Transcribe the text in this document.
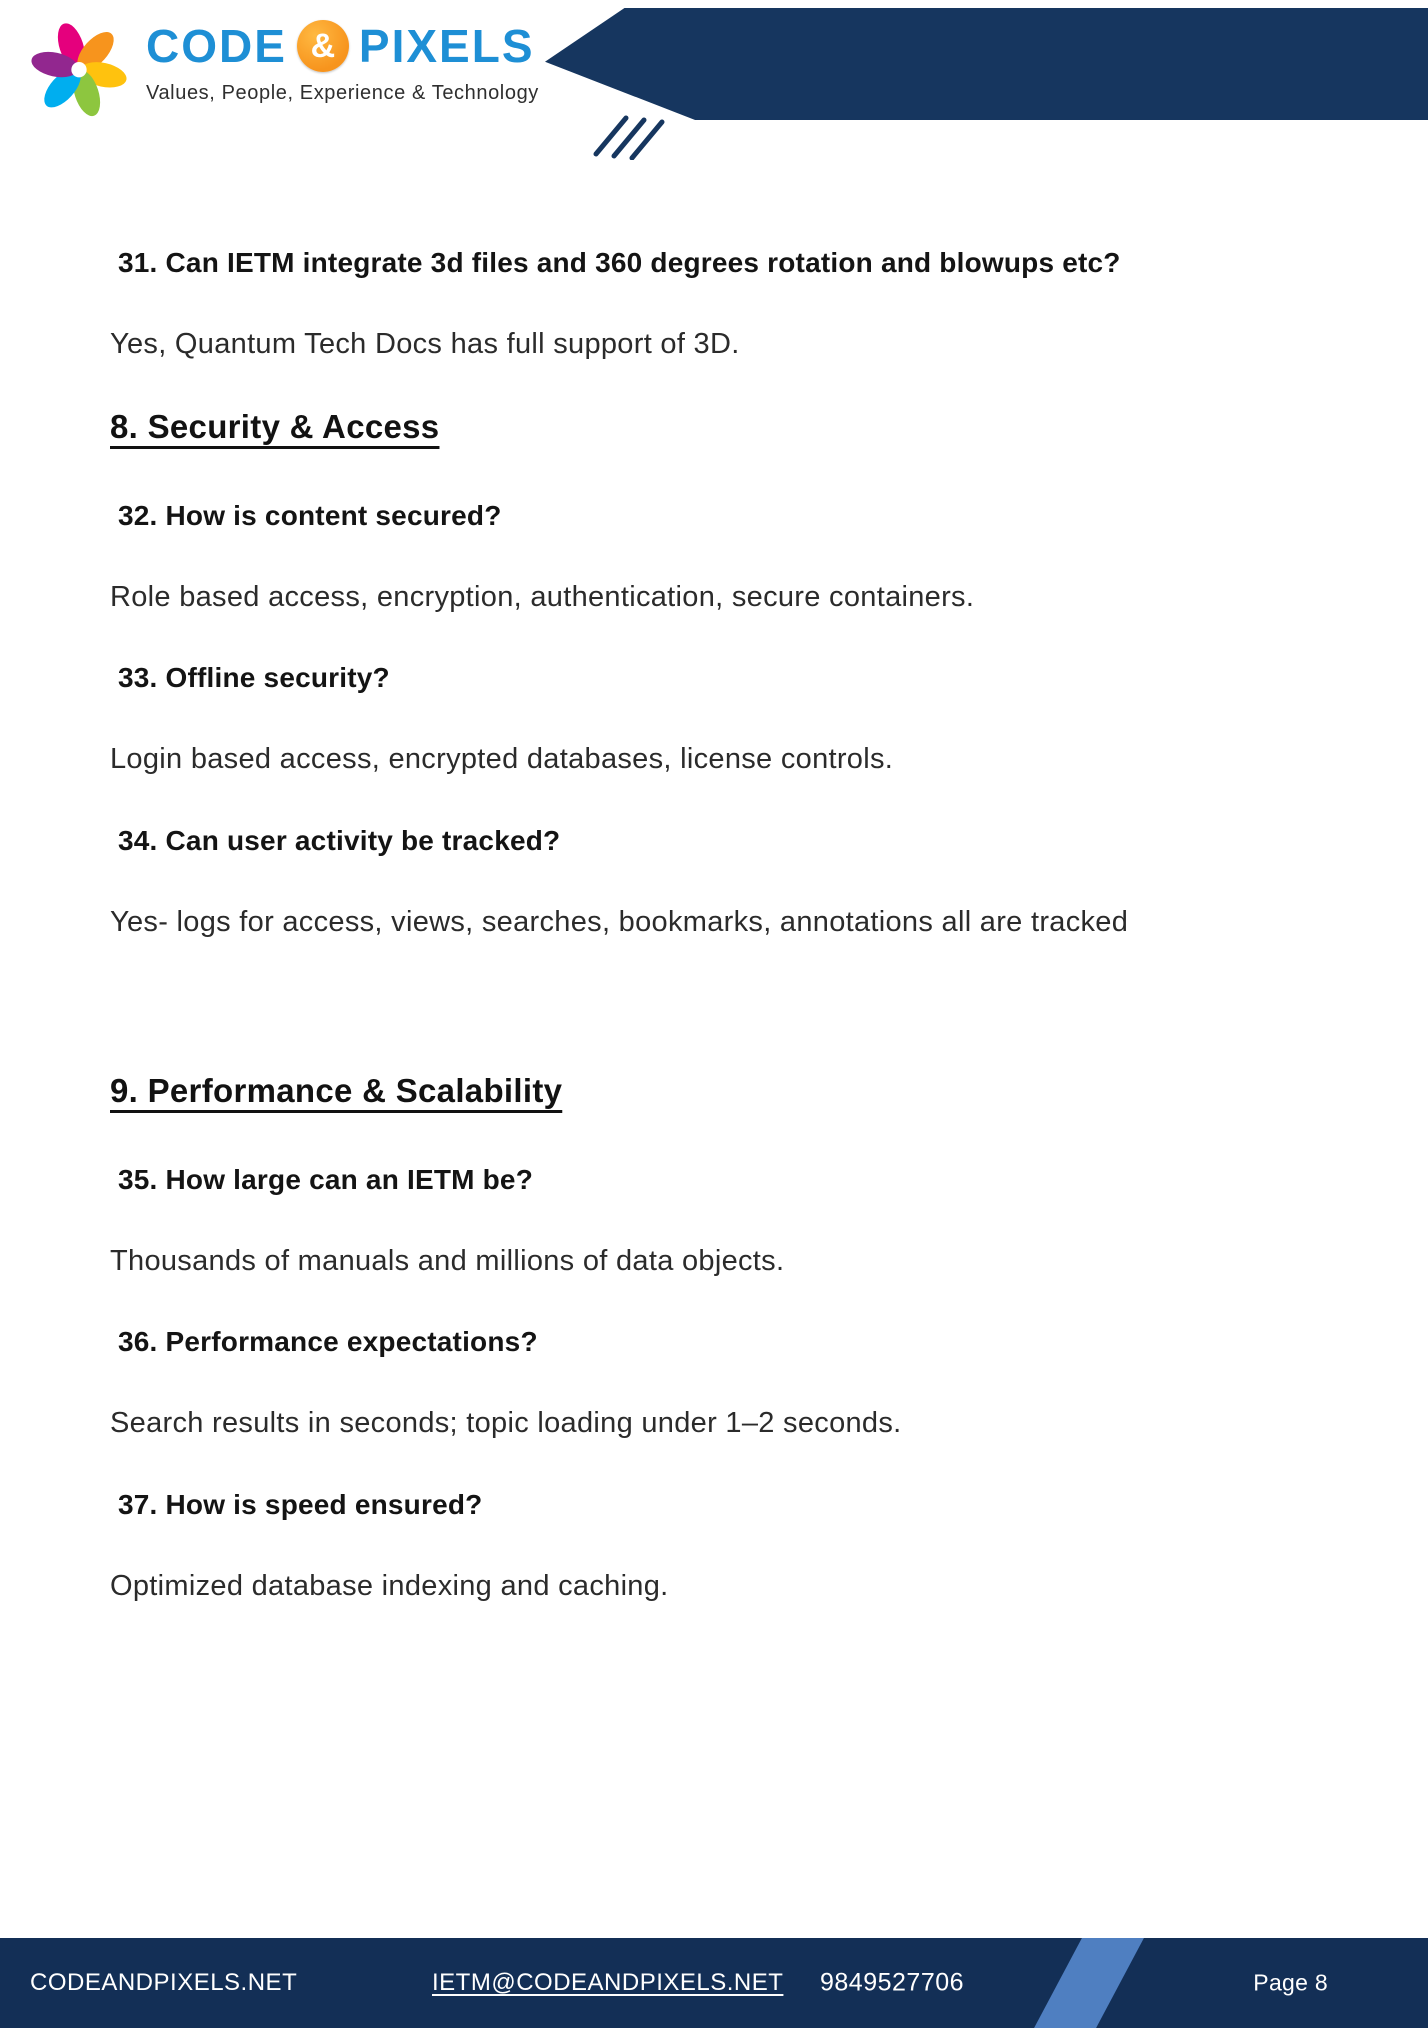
CODE & PIXELS
Values, People, Experience & Technology
31. Can IETM integrate 3d files and 360 degrees rotation and blowups etc?
Yes, Quantum Tech Docs has full support of 3D.
8. Security & Access
32. How is content secured?
Role based access, encryption, authentication, secure containers.
33. Offline security?
Login based access, encrypted databases, license controls.
34. Can user activity be tracked?
Yes- logs for access, views, searches, bookmarks, annotations all are tracked
9. Performance & Scalability
35. How large can an IETM be?
Thousands of manuals and millions of data objects.
36. Performance expectations?
Search results in seconds; topic loading under 1–2 seconds.
37. How is speed ensured?
Optimized database indexing and caching.
CODEANDPIXELS.NET	IETM@CODEANDPIXELS.NET 9849527706	Page 8
